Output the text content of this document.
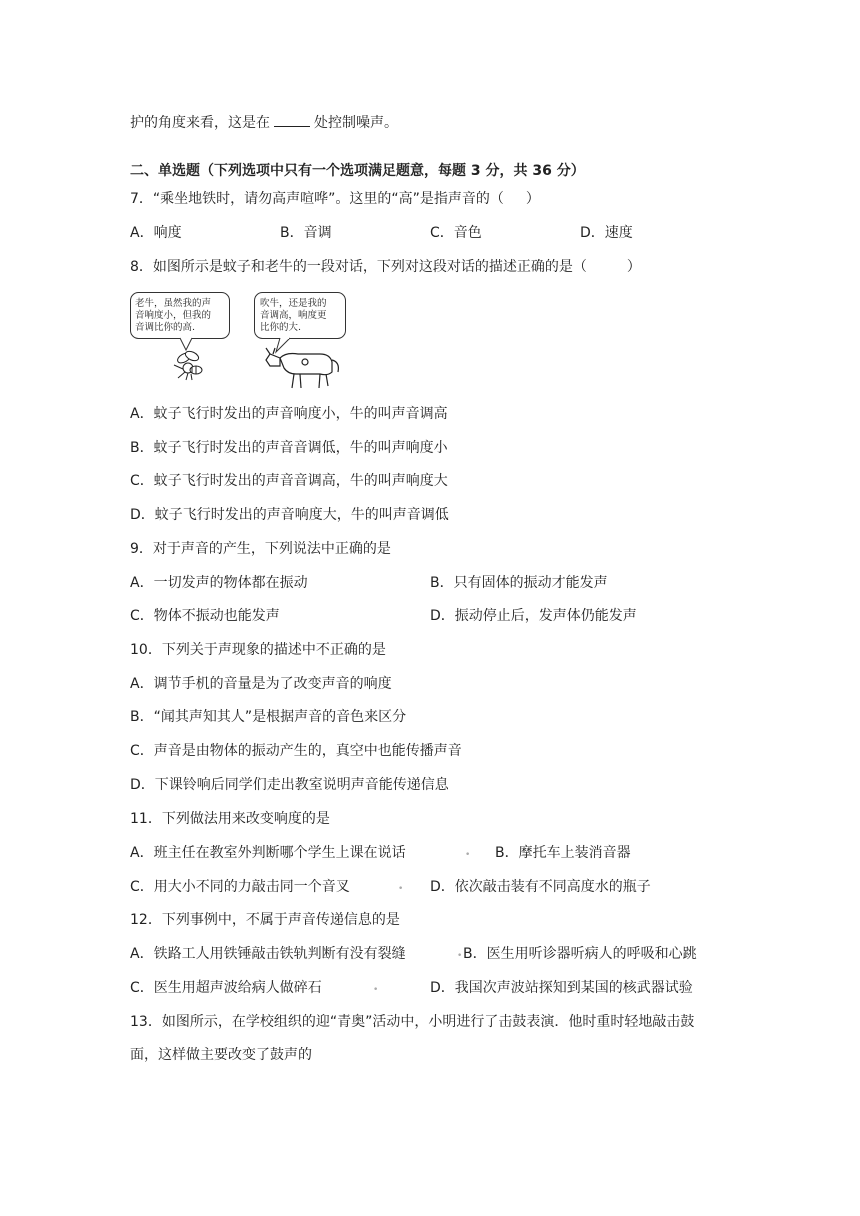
护的角度来看，这是在	处控制噪声。
二、单选题（下列选项中只有一个选项满足题意，每题 3 分，共 36 分）
7．“乘坐地铁时，请勿高声喧哗”。这里的“高”是指声音的（ ）
A．响度	B．音调	C．音色	D．速度
8．如图所示是蚊子和老牛的一段对话，下列对这段对话的描述正确的是（	）
老牛，虽然我的声
音响度小，但我的
音调比你的高.
吹牛，还是我的
音调高，响度更
比你的大.
A．蚊子飞行时发出的声音响度小，牛的叫声音调高
B．蚊子飞行时发出的声音音调低，牛的叫声响度小
C．蚊子飞行时发出的声音音调高，牛的叫声响度大
D．蚊子飞行时发出的声音响度大，牛的叫声音调低
9．对于声音的产生，下列说法中正确的是
A．一切发声的物体都在振动	B．只有固体的振动才能发声
C．物体不振动也能发声	D．振动停止后，发声体仍能发声
10．下列关于声现象的描述中不正确的是
A．调节手机的音量是为了改变声音的响度
B．“闻其声知其人”是根据声音的音色来区分
C．声音是由物体的振动产生的，真空中也能传播声音
D．下课铃响后同学们走出教室说明声音能传递信息
11．下列做法用来改变响度的是
A．班主任在教室外判断哪个学生上课在说话	• B．摩托车上装消音器
C．用大小不同的力敲击同一个音叉	• D．依次敲击装有不同高度水的瓶子
12．下列事例中，不属于声音传递信息的是
A．铁路工人用铁锤敲击铁轨判断有没有裂缝	• B．医生用听诊器听病人的呼吸和心跳
C．医生用超声波给病人做碎石	•	D．我国次声波站探知到某国的核武器试验
13．如图所示，在学校组织的迎“青奥”活动中，小明进行了击鼓表演．他时重时轻地敲击鼓
面，这样做主要改变了鼓声的
